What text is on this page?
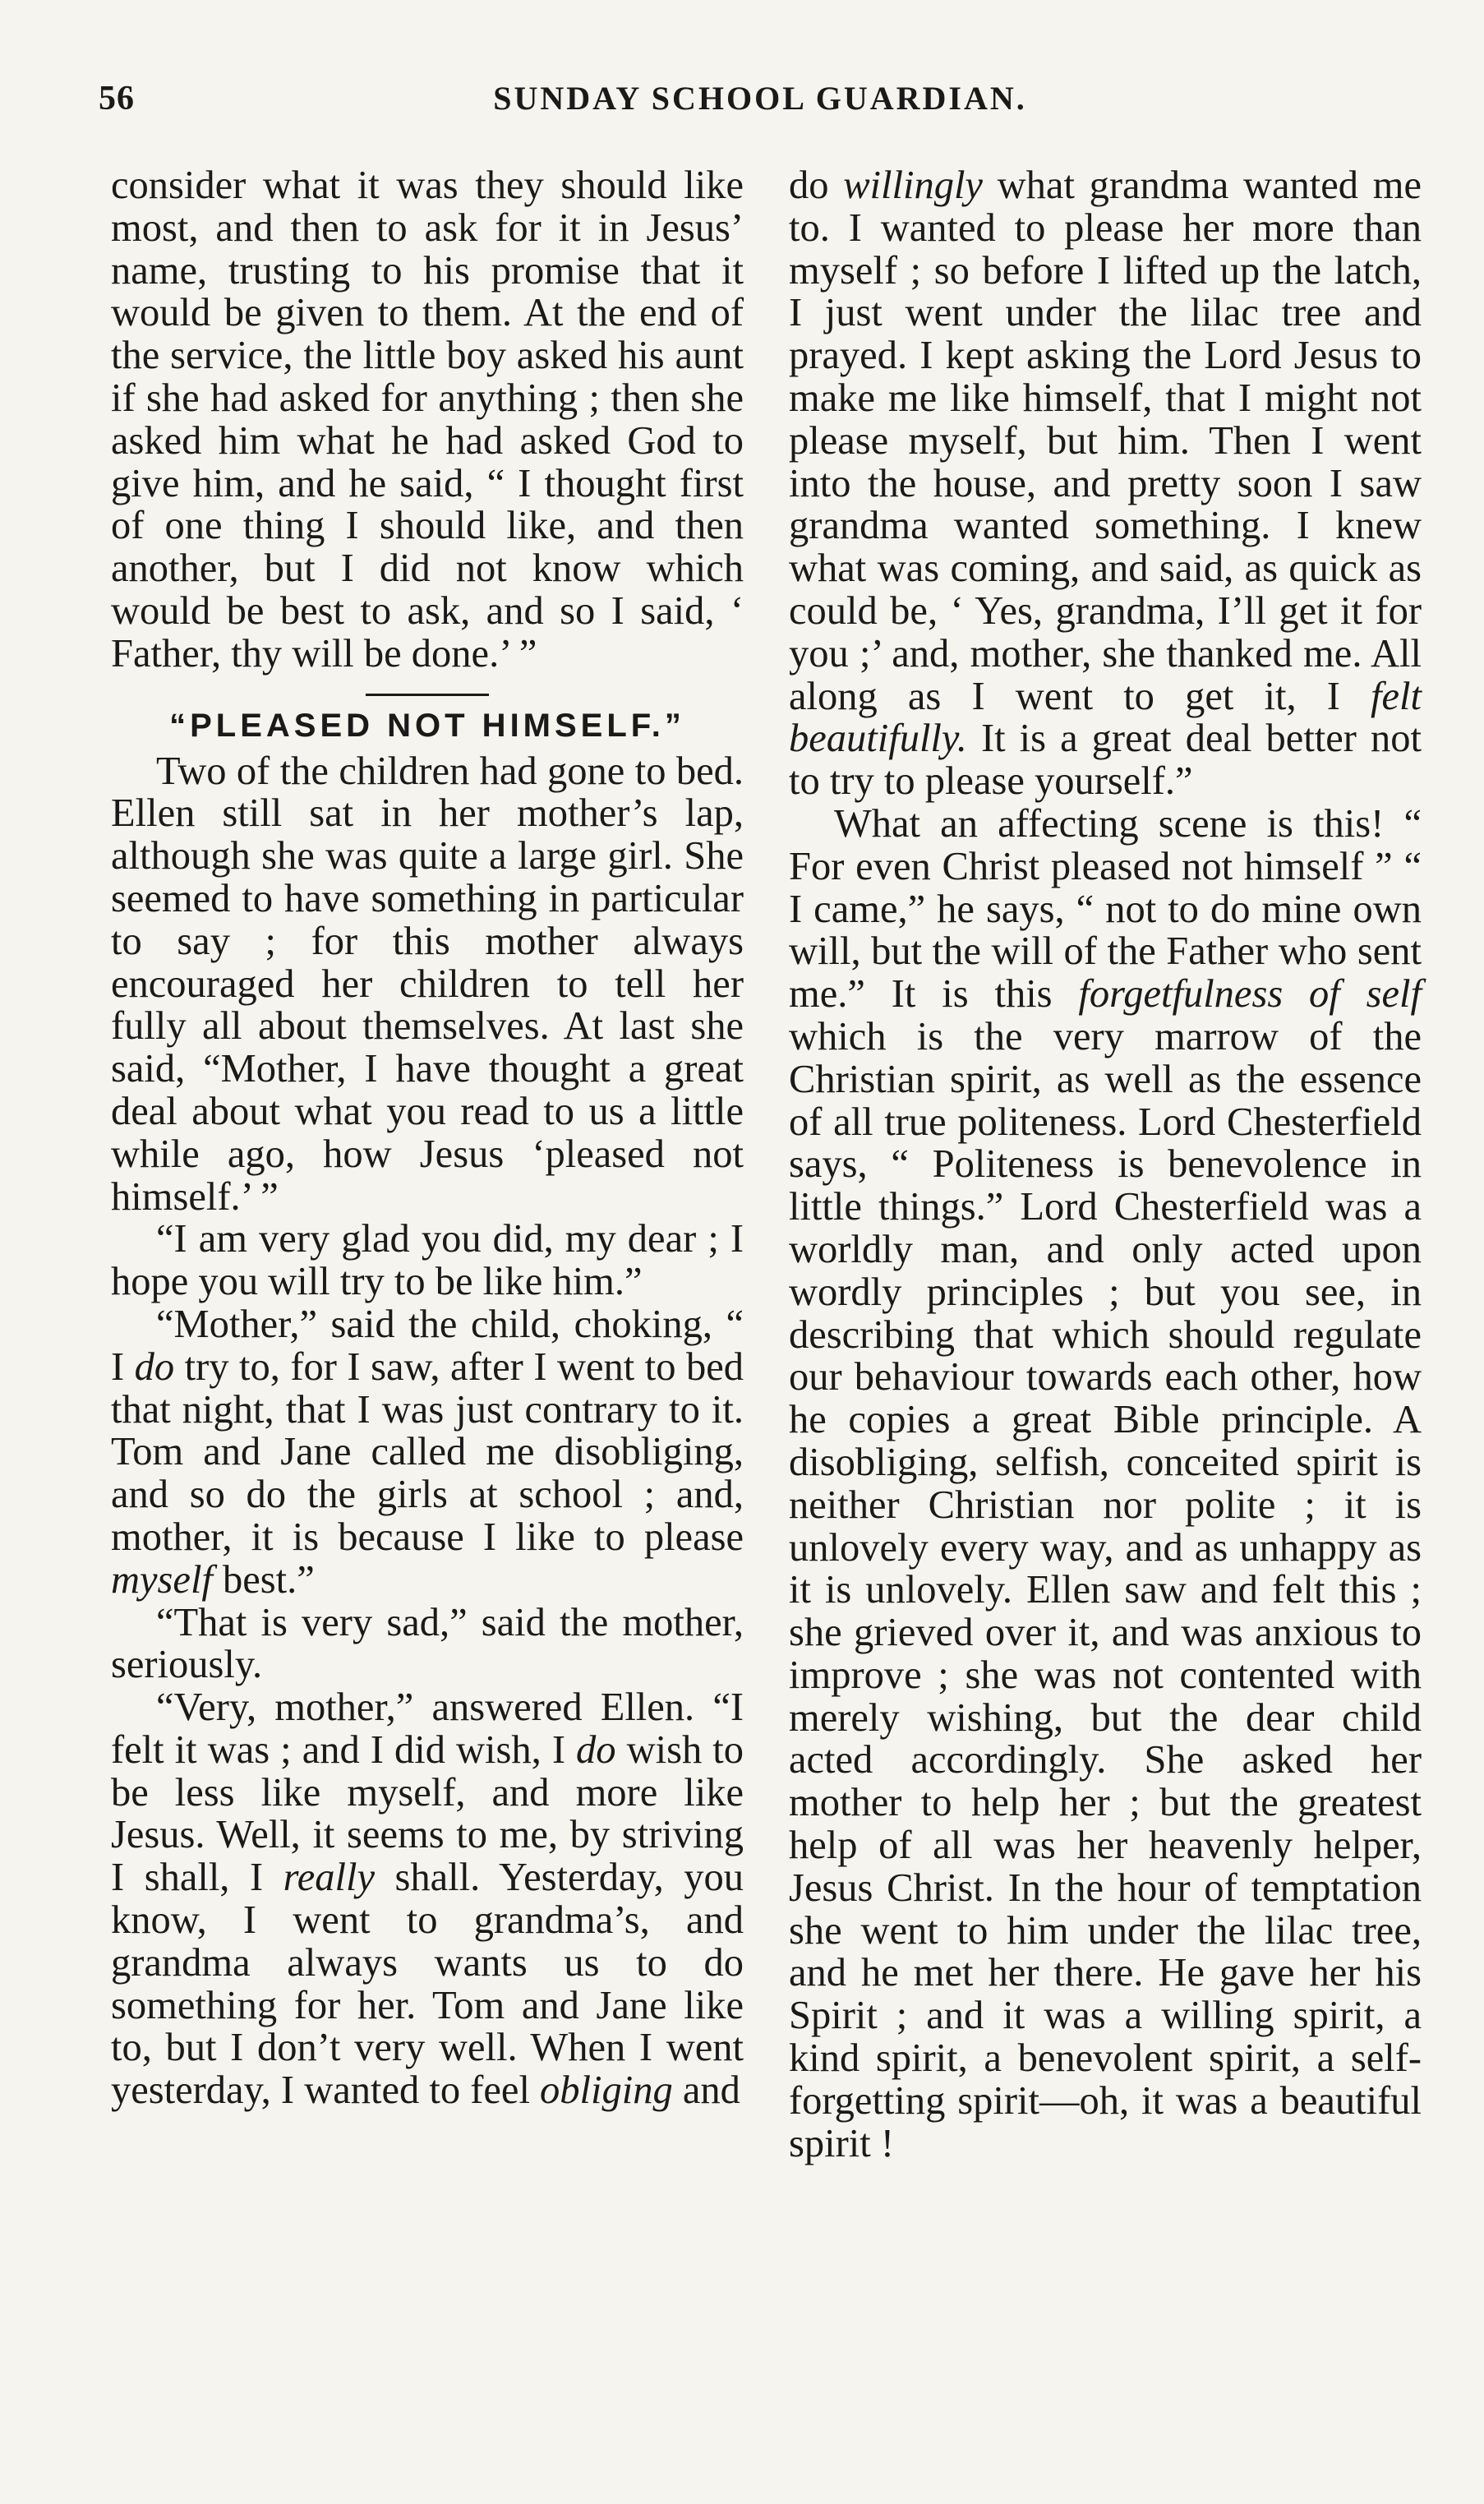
56	SUNDAY SCHOOL GUARDIAN.

consider what it was they should like most, and then to ask for it in Jesus’ name, trusting to his promise that it would be given to them. At the end of the service, the little boy asked his aunt if she had asked for anything ; then she asked him what he had asked God to give him, and he said, “ I thought first of one thing I should like, and then another, but I did not know which would be best to ask, and so I said, ‘ Father, thy will be done.’ ”

“PLEASED NOT HIMSELF.”

Two of the children had gone to bed. Ellen still sat in her mother’s lap, although she was quite a large girl. She seemed to have something in particular to say ; for this mother always encouraged her children to tell her fully all about themselves. At last she said, “Mother, I have thought a great deal about what you read to us a little while ago, how Jesus ‘pleased not himself.’ ”

“I am very glad you did, my dear ; I hope you will try to be like him.”

“Mother,” said the child, choking, “ I do try to, for I saw, after I went to bed that night, that I was just contrary to it. Tom and Jane called me disobliging, and so do the girls at school ; and, mother, it is because I like to please myself best.”

“That is very sad,” said the mother, seriously.

“Very, mother,” answered Ellen. “I felt it was ; and I did wish, I do wish to be less like myself, and more like Jesus. Well, it seems to me, by striving I shall, I really shall. Yesterday, you know, I went to grandma’s, and grandma always wants us to do something for her. Tom and Jane like to, but I don’t very well. When I went yesterday, I wanted to feel obliging and

do willingly what grandma wanted me to. I wanted to please her more than myself ; so before I lifted up the latch, I just went under the lilac tree and prayed. I kept asking the Lord Jesus to make me like himself, that I might not please myself, but him. Then I went into the house, and pretty soon I saw grandma wanted something. I knew what was coming, and said, as quick as could be, ‘ Yes, grandma, I’ll get it for you ;’ and, mother, she thanked me. All along as I went to get it, I felt beautifully. It is a great deal better not to try to please yourself.”

What an affecting scene is this! “ For even Christ pleased not himself ” “ I came,” he says, “ not to do mine own will, but the will of the Father who sent me.” It is this forgetfulness of self which is the very marrow of the Christian spirit, as well as the essence of all true politeness. Lord Chesterfield says, “ Politeness is benevolence in little things.” Lord Chesterfield was a worldly man, and only acted upon wordly principles ; but you see, in describing that which should regulate our behaviour towards each other, how he copies a great Bible principle. A disobliging, selfish, conceited spirit is neither Christian nor polite ; it is unlovely every way, and as unhappy as it is unlovely. Ellen saw and felt this ; she grieved over it, and was anxious to improve ; she was not contented with merely wishing, but the dear child acted accordingly. She asked her mother to help her ; but the greatest help of all was her heavenly helper, Jesus Christ. In the hour of temptation she went to him under the lilac tree, and he met her there. He gave her his Spirit ; and it was a willing spirit, a kind spirit, a benevolent spirit, a self-forgetting spirit—oh, it was a beautiful spirit !
